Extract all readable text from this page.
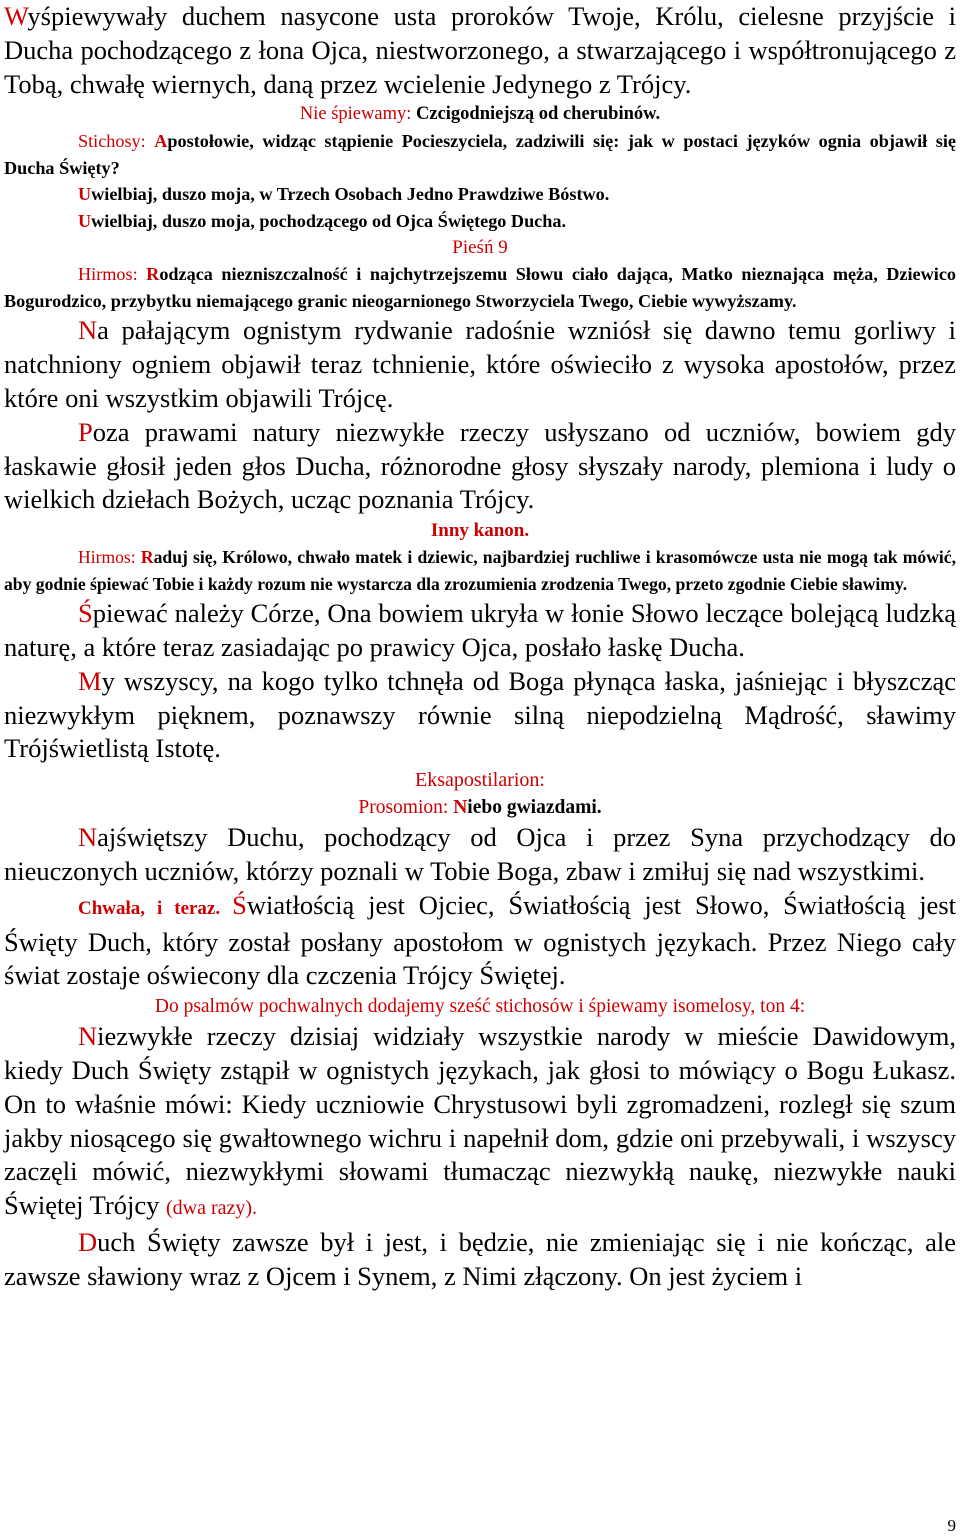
Wyśpiewywały duchem nasycone usta proroków Twoje, Królu, cielesne przyjście i Ducha pochodzącego z łona Ojca, niestworzonego, a stwarzającego i współtronującego z Tobą, chwałę wiernych, daną przez wcielenie Jedynego z Trójcy.

Nie śpiewamy: Czcigodniejszą od cherubinów.

Stichosy: Apostołowie, widząc stąpienie Pocieszyciela, zadziwili się: jak w postaci języków ognia objawił się Ducha Święty?

Uwielbiaj, duszo moja, w Trzech Osobach Jedno Prawdziwe Bóstwo.

Uwielbiaj, duszo moja, pochodzącego od Ojca Świętego Ducha.

Pieśń 9

Hirmos: Rodząca niezniszczalność i najchytrzejszemu Słowu ciało dająca, Matko nieznająca męża, Dziewico Bogurodzico, przybytku niemającego granic nieogarnionego Stworzyciela Twego, Ciebie wywyższamy.

Na pałającym ognistym rydwanie radośnie wzniósł się dawno temu gorliwy i natchniony ogniem objawił teraz tchnienie, które oświeciło z wysoka apostołów, przez które oni wszystkim objawili Trójcę.

Poza prawami natury niezwykłe rzeczy usłyszano od uczniów, bowiem gdy łaskawie głosił jeden głos Ducha, różnorodne głosy słyszały narody, plemiona i ludy o wielkich dziełach Bożych, ucząc poznania Trójcy.

Inny kanon.

Hirmos: Raduj się, Królowo, chwało matek i dziewic, najbardziej ruchliwe i krasomówcze usta nie mogą tak mówić, aby godnie śpiewać Tobie i każdy rozum nie wystarcza dla zrozumienia zrodzenia Twego, przeto zgodnie Ciebie sławimy.

Śpiewać należy Córze, Ona bowiem ukryła w łonie Słowo leczące bolejącą ludzką naturę, a które teraz zasiadając po prawicy Ojca, posłało łaskę Ducha.

My wszyscy, na kogo tylko tchnęła od Boga płynąca łaska, jaśniejąc i błyszcząc niezwykłym pięknem, poznawszy równie silną niepodzielną Mądrość, sławimy Trójświetlistą Istotę.

Eksapostilarion:

Prosomion: Niebo gwiazdami.

Najświętszy Duchu, pochodzący od Ojca i przez Syna przychodzący do nieuczonych uczniów, którzy poznali w Tobie Boga, zbaw i zmiłuj się nad wszystkimi.

Chwała, i teraz. Światłością jest Ojciec, Światłością jest Słowo, Światłością jest Święty Duch, który został posłany apostołom w ognistych językach. Przez Niego cały świat zostaje oświecony dla czczenia Trójcy Świętej.

Do psalmów pochwalnych dodajemy sześć stichosów i śpiewamy isomelosy, ton 4:

Niezwykłe rzeczy dzisiaj widziały wszystkie narody w mieście Dawidowym, kiedy Duch Święty zstąpił w ognistych językach, jak głosi to mówiący o Bogu Łukasz. On to właśnie mówi: Kiedy uczniowie Chrystusowi byli zgromadzeni, rozległ się szum jakby niosącego się gwałtownego wichru i napełnił dom, gdzie oni przebywali, i wszyscy zaczęli mówić, niezwykłymi słowami tłumacząc niezwykłą naukę, niezwykłe nauki Świętej Trójcy (dwa razy).

Duch Święty zawsze był i jest, i będzie, nie zmieniając się i nie kończąc, ale zawsze sławiony wraz z Ojcem i Synem, z Nimi złączony. On jest życiem i

9
